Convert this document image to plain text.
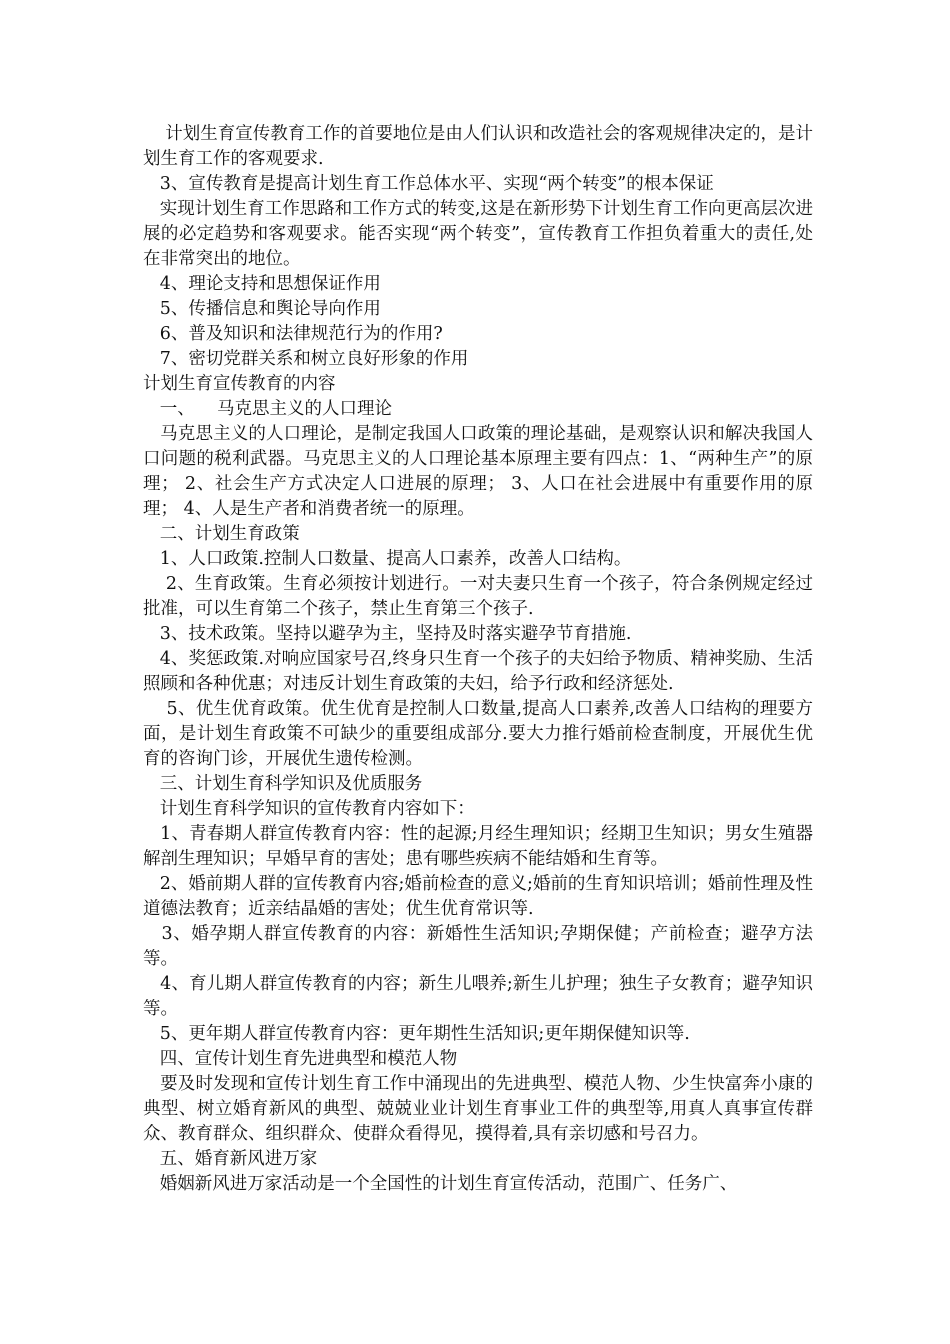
计划生育宣传教育工作的首要地位是由人们认识和改造社会的客观规律决定的，是计划生育工作的客观要求.

3、宣传教育是提高计划生育工作总体水平、实现“两个转变”的根本保证

实现计划生育工作思路和工作方式的转变,这是在新形势下计划生育工作向更高层次进展的必定趋势和客观要求。能否实现“两个转变”，宣传教育工作担负着重大的责任,处在非常突出的地位。

4、理论支持和思想保证作用

5、传播信息和舆论导向作用

6、普及知识和法律规范行为的作用?

7、密切党群关系和树立良好形象的作用

计划生育宣传教育的内容

一、    马克思主义的人口理论

马克思主义的人口理论，是制定我国人口政策的理论基础，是观察认识和解决我国人口问题的税利武器。马克思主义的人口理论基本原理主要有四点：1、“两种生产”的原理； 2、社会生产方式决定人口进展的原理； 3、人口在社会进展中有重要作用的原理； 4、人是生产者和消费者统一的原理。

二、计划生育政策

1、人口政策.控制人口数量、提高人口素养，改善人口结构。

2、生育政策。生育必须按计划进行。一对夫妻只生育一个孩子，符合条例规定经过批准，可以生育第二个孩子，禁止生育第三个孩子.

3、技术政策。坚持以避孕为主，坚持及时落实避孕节育措施.

4、奖惩政策.对响应国家号召,终身只生育一个孩子的夫妇给予物质、精神奖励、生活照顾和各种优惠；对违反计划生育政策的夫妇，给予行政和经济惩处.

5、优生优育政策。优生优育是控制人口数量,提高人口素养,改善人口结构的理要方面，是计划生育政策不可缺少的重要组成部分.要大力推行婚前检查制度，开展优生优育的咨询门诊，开展优生遗传检测。

三、计划生育科学知识及优质服务

计划生育科学知识的宣传教育内容如下：

1、青春期人群宣传教育内容：性的起源;月经生理知识；经期卫生知识；男女生殖器解剖生理知识；早婚早育的害处；患有哪些疾病不能结婚和生育等。

2、婚前期人群的宣传教育内容;婚前检查的意义;婚前的生育知识培训；婚前性理及性道德法教育；近亲结晶婚的害处；优生优育常识等.

3、婚孕期人群宣传教育的内容：新婚性生活知识;孕期保健；产前检查；避孕方法等。

4、育儿期人群宣传教育的内容；新生儿喂养;新生儿护理；独生子女教育；避孕知识等。

5、更年期人群宣传教育内容：更年期性生活知识;更年期保健知识等.

四、宣传计划生育先进典型和模范人物

要及时发现和宣传计划生育工作中涌现出的先进典型、模范人物、少生快富奔小康的典型、树立婚育新风的典型、兢兢业业计划生育事业工件的典型等,用真人真事宣传群众、教育群众、组织群众、使群众看得见，摸得着,具有亲切感和号召力。

五、婚育新风进万家

婚姻新风进万家活动是一个全国性的计划生育宣传活动，范围广、任务广、
